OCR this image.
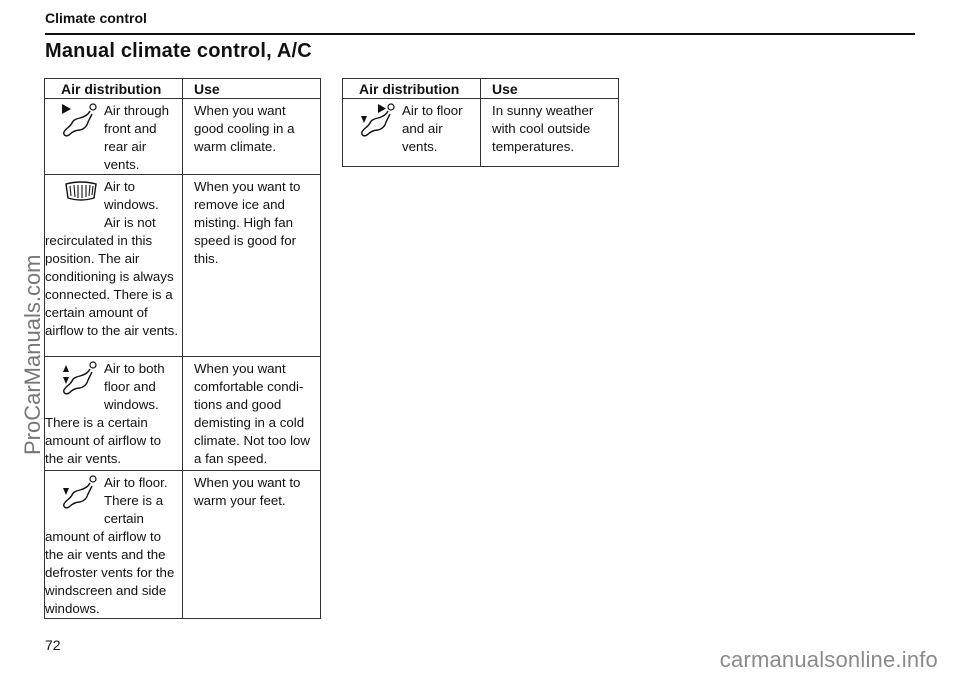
Climate control
Manual climate control, A/C
Air distribution	Use

Air through
front and
rear air
vents.	When you want good cooling in a warm climate.

Air to
windows.
Air is not
recirculated in this position. The air conditioning is always connected. There is a certain amount of airflow to the air vents.	When you want to remove ice and misting. High fan speed is good for this.

Air to both
floor and
windows.
There is a certain amount of airflow to the air vents.	When you want comfortable condi-tions and good demisting in a cold climate. Not too low a fan speed.

Air to floor.
There is a
certain
amount of airflow to the air vents and the defroster vents for the windscreen and side windows.	When you want to warm your feet.
Air distribution	Use

Air to floor
and air
vents.	In sunny weather with cool outside temperatures.
ProCarManuals.com
72
carmanualsonline.info
